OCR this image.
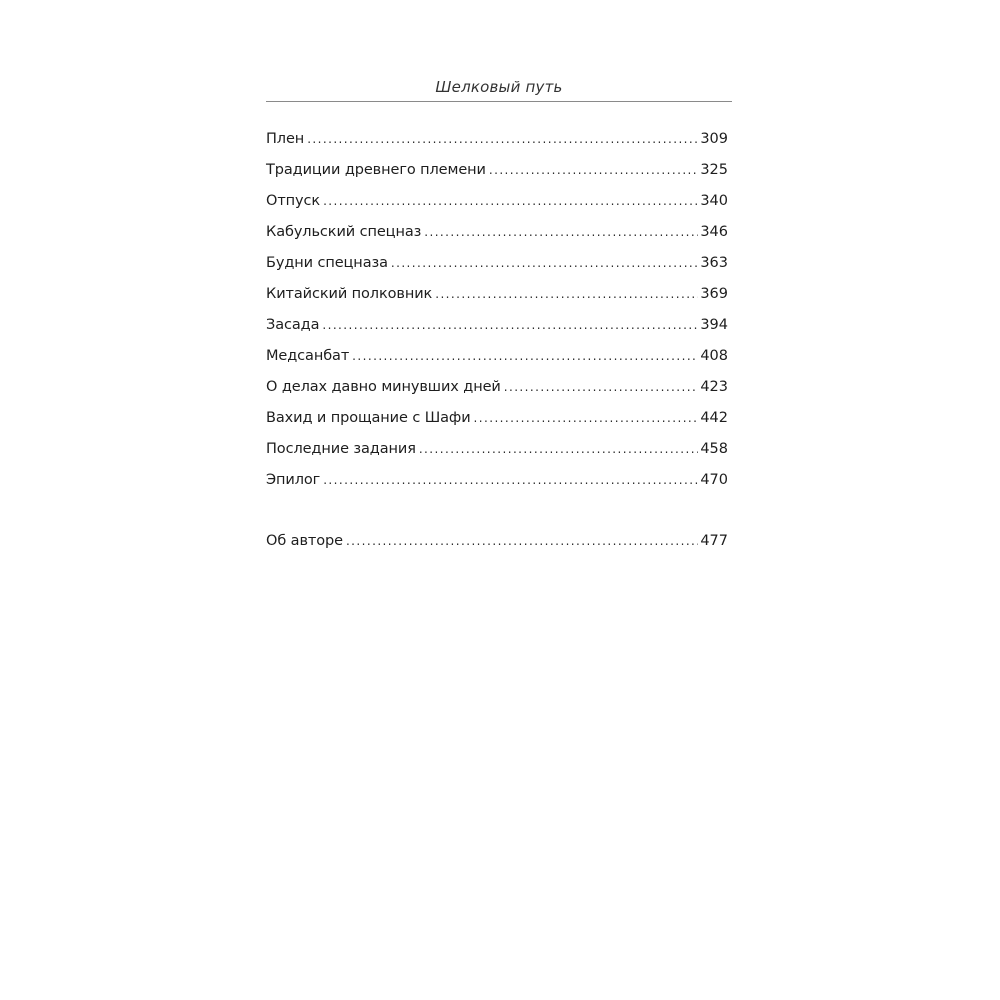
Шелковый путь
Плен . . .	309
Традиции древнего племени . . .	325
Отпуск . . .	340
Кабульский спецназ . . .	346
Будни спецназа . . .	363
Китайский полковник . . .	369
Засада . . .	394
Медсанбат . . .	408
О делах давно минувших дней . . .	423
Вахид и прощание с Шафи . . .	442
Последние задания . . .	458
Эпилог . . .	470
Об авторе . . .	477
